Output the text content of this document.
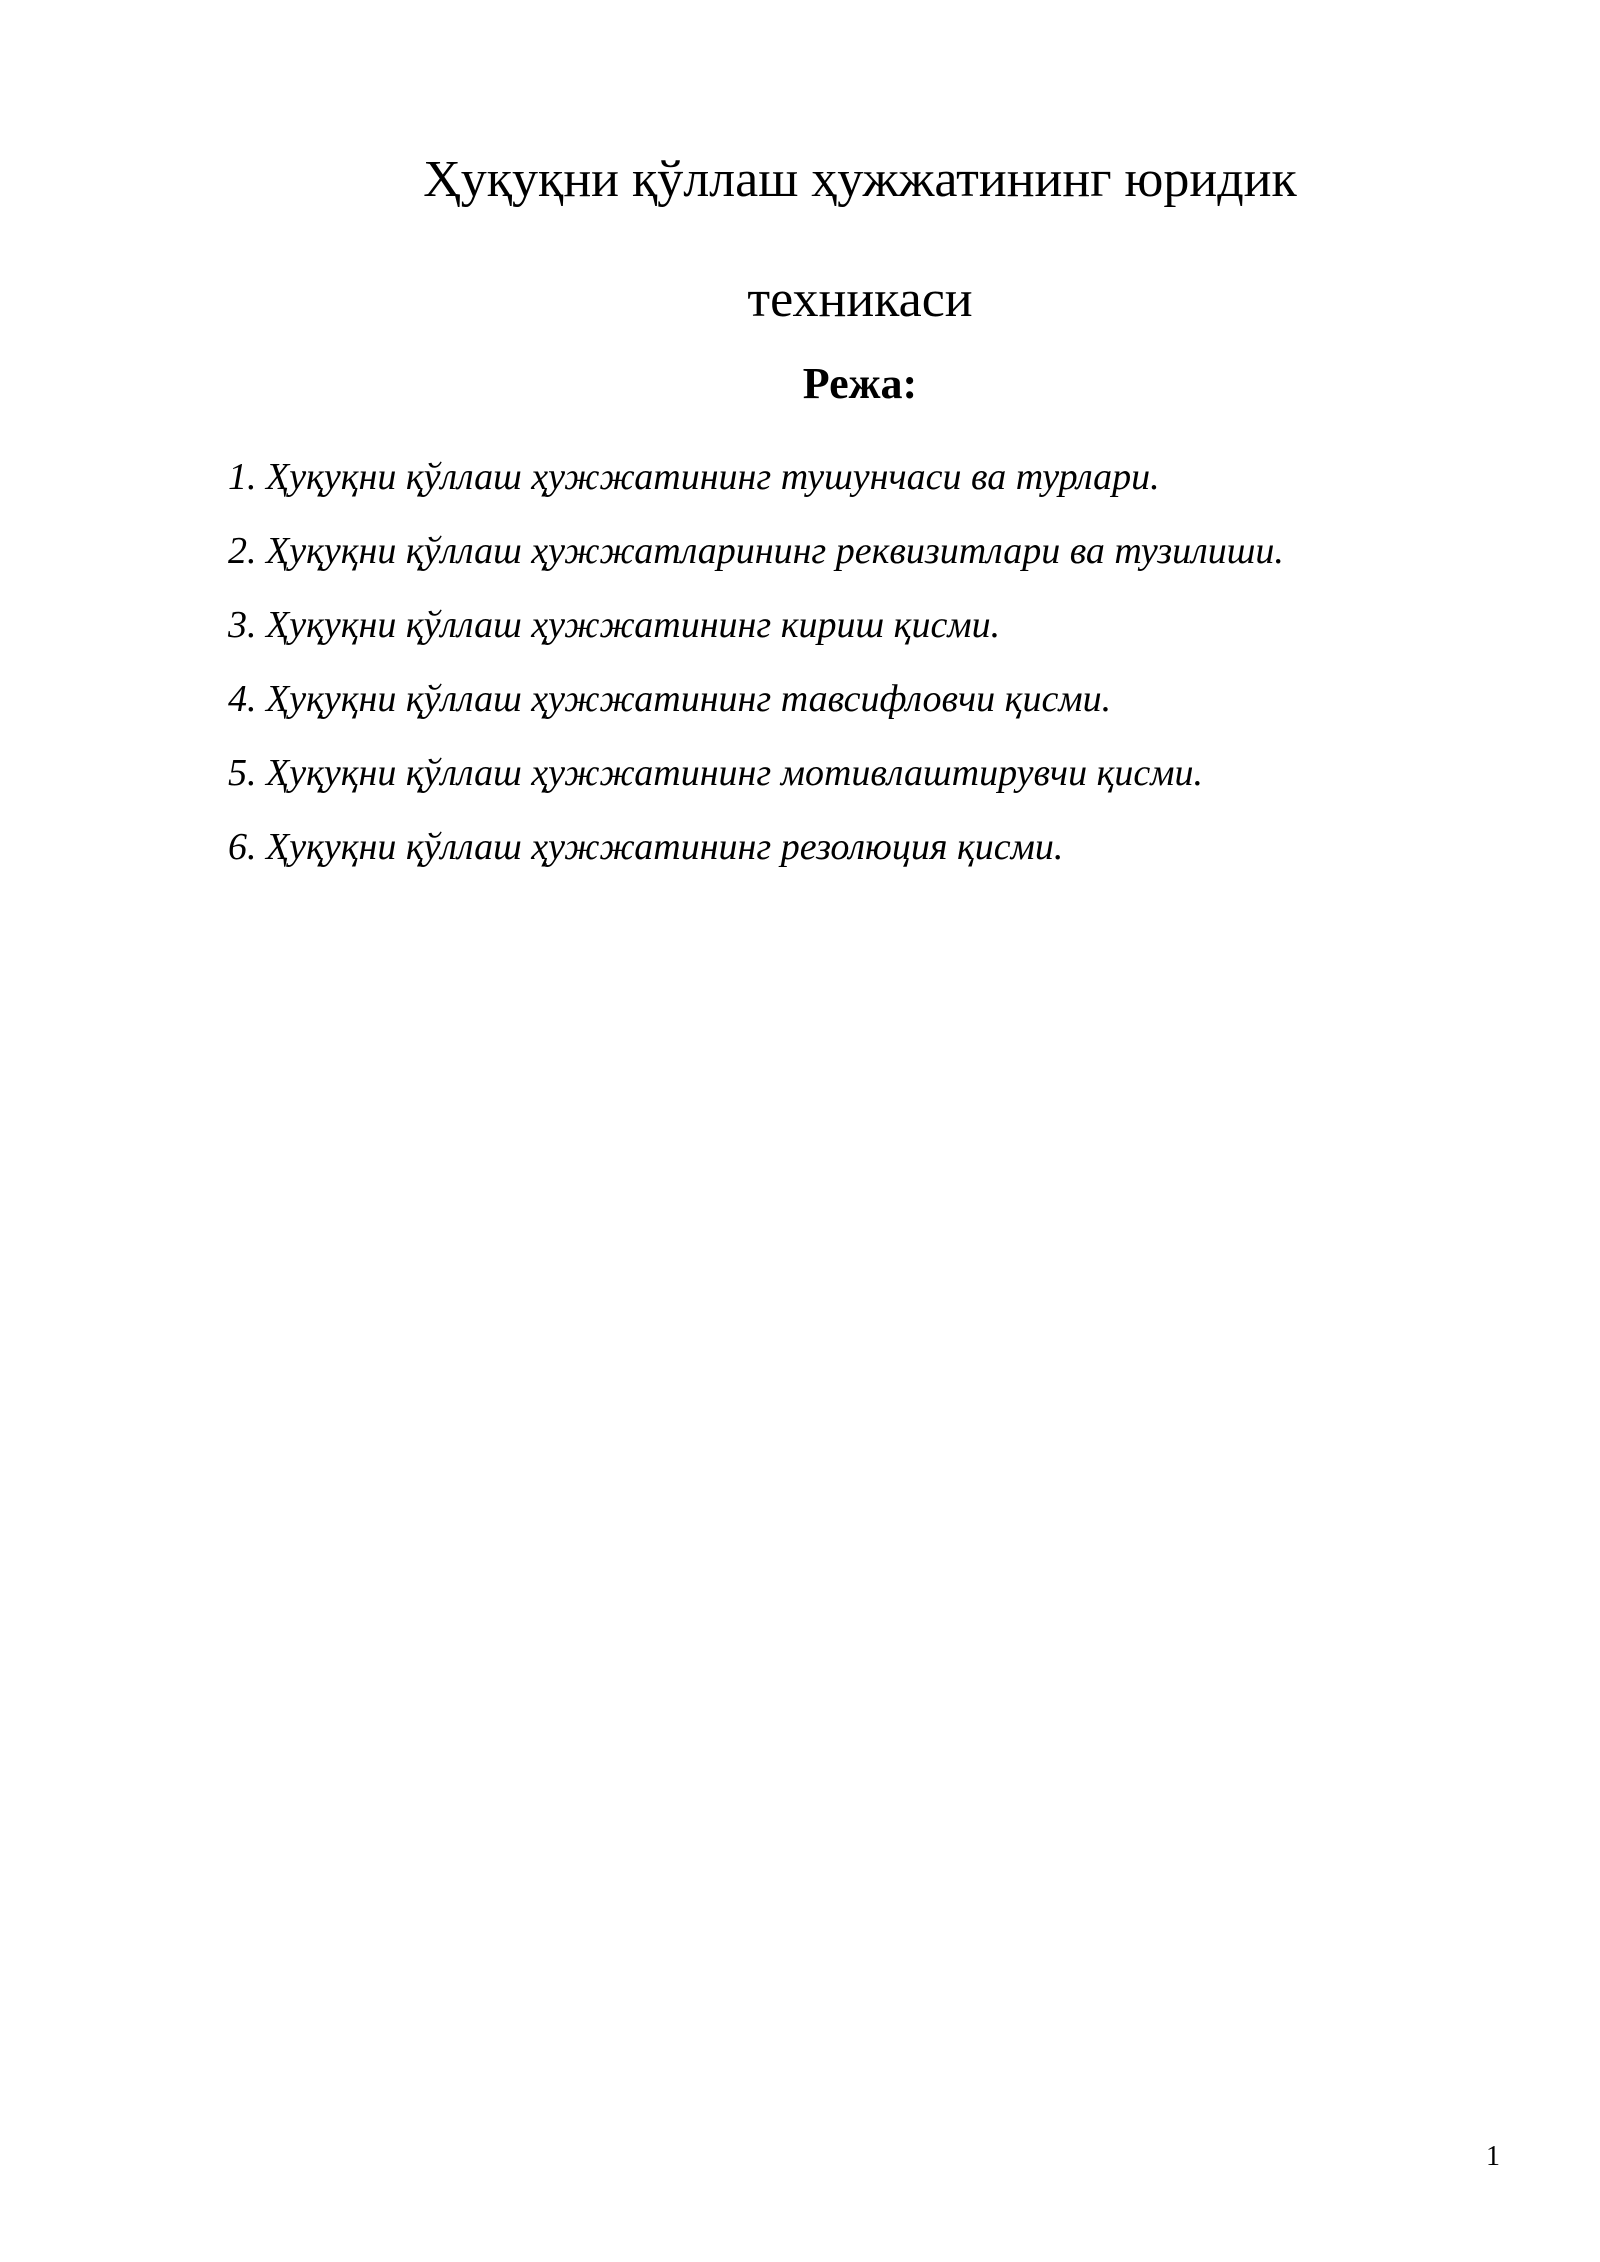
Ҳуқуқни қўллаш ҳужжатининг юридик

техникаси

Режа:
1. Ҳуқуқни қўллаш ҳужжатининг тушунчаси ва турлари.
2. Ҳуқуқни қўллаш ҳужжатларининг реквизитлари ва тузилиши.
3. Ҳуқуқни қўллаш ҳужжатининг кириш қисми.
4. Ҳуқуқни қўллаш ҳужжатининг тавсифловчи қисми.
5. Ҳуқуқни қўллаш ҳужжатининг мотивлаштирувчи қисми.
6. Ҳуқуқни қўллаш ҳужжатининг резолюция қисми.
1
